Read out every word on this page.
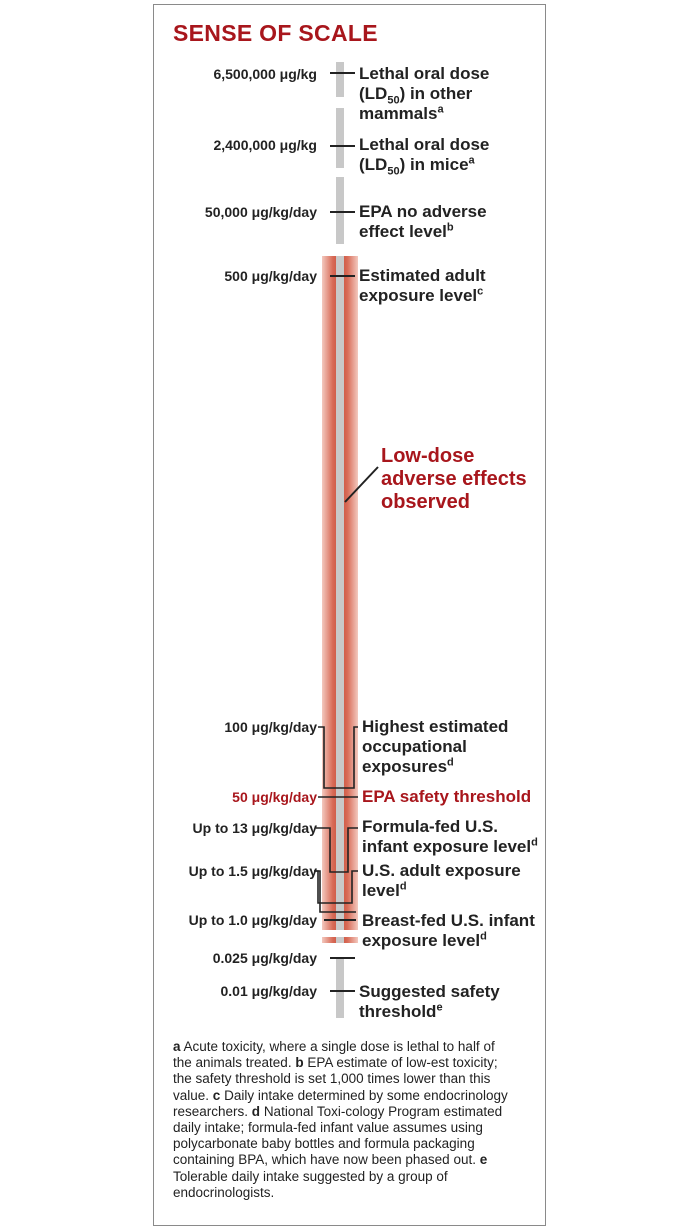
SENSE OF SCALE
6,500,000 μg/kg
2,400,000 μg/kg
50,000 μg/kg/day
500 μg/kg/day
100 μg/kg/day
50 μg/kg/day
Up to 13 μg/kg/day
Up to 1.5 μg/kg/day
Up to 1.0 μg/kg/day
0.025 μg/kg/day
0.01 μg/kg/day
Lethal oral dose
$(LD_{50})$ in other
mammals$^a$
Lethal oral dose
$(LD_{50})$ in mice$^a$
EPA no adverse
effect level$^b$
Estimated adult
exposure level$^c$
Highest estimated
occupational
exposures$^d$
EPA safety threshold
Formula-fed U.S.
infant exposure level$^d$
U.S. adult exposure
level$^d$
Breast-fed U.S. infant
exposure level$^d$
Suggested safety
threshold$^e$
Low-dose
adverse effects
observed
a Acute toxicity, where a single dose is lethal to half of the animals treated. b EPA estimate of low-est toxicity; the safety threshold is set 1,000 times lower than this value. c Daily intake determined by some endocrinology researchers. d National Toxi-cology Program estimated daily intake; formula-fed infant value assumes using polycarbonate baby bottles and formula packaging containing BPA, which have now been phased out. e Tolerable daily intake suggested by a group of endocrinologists.
